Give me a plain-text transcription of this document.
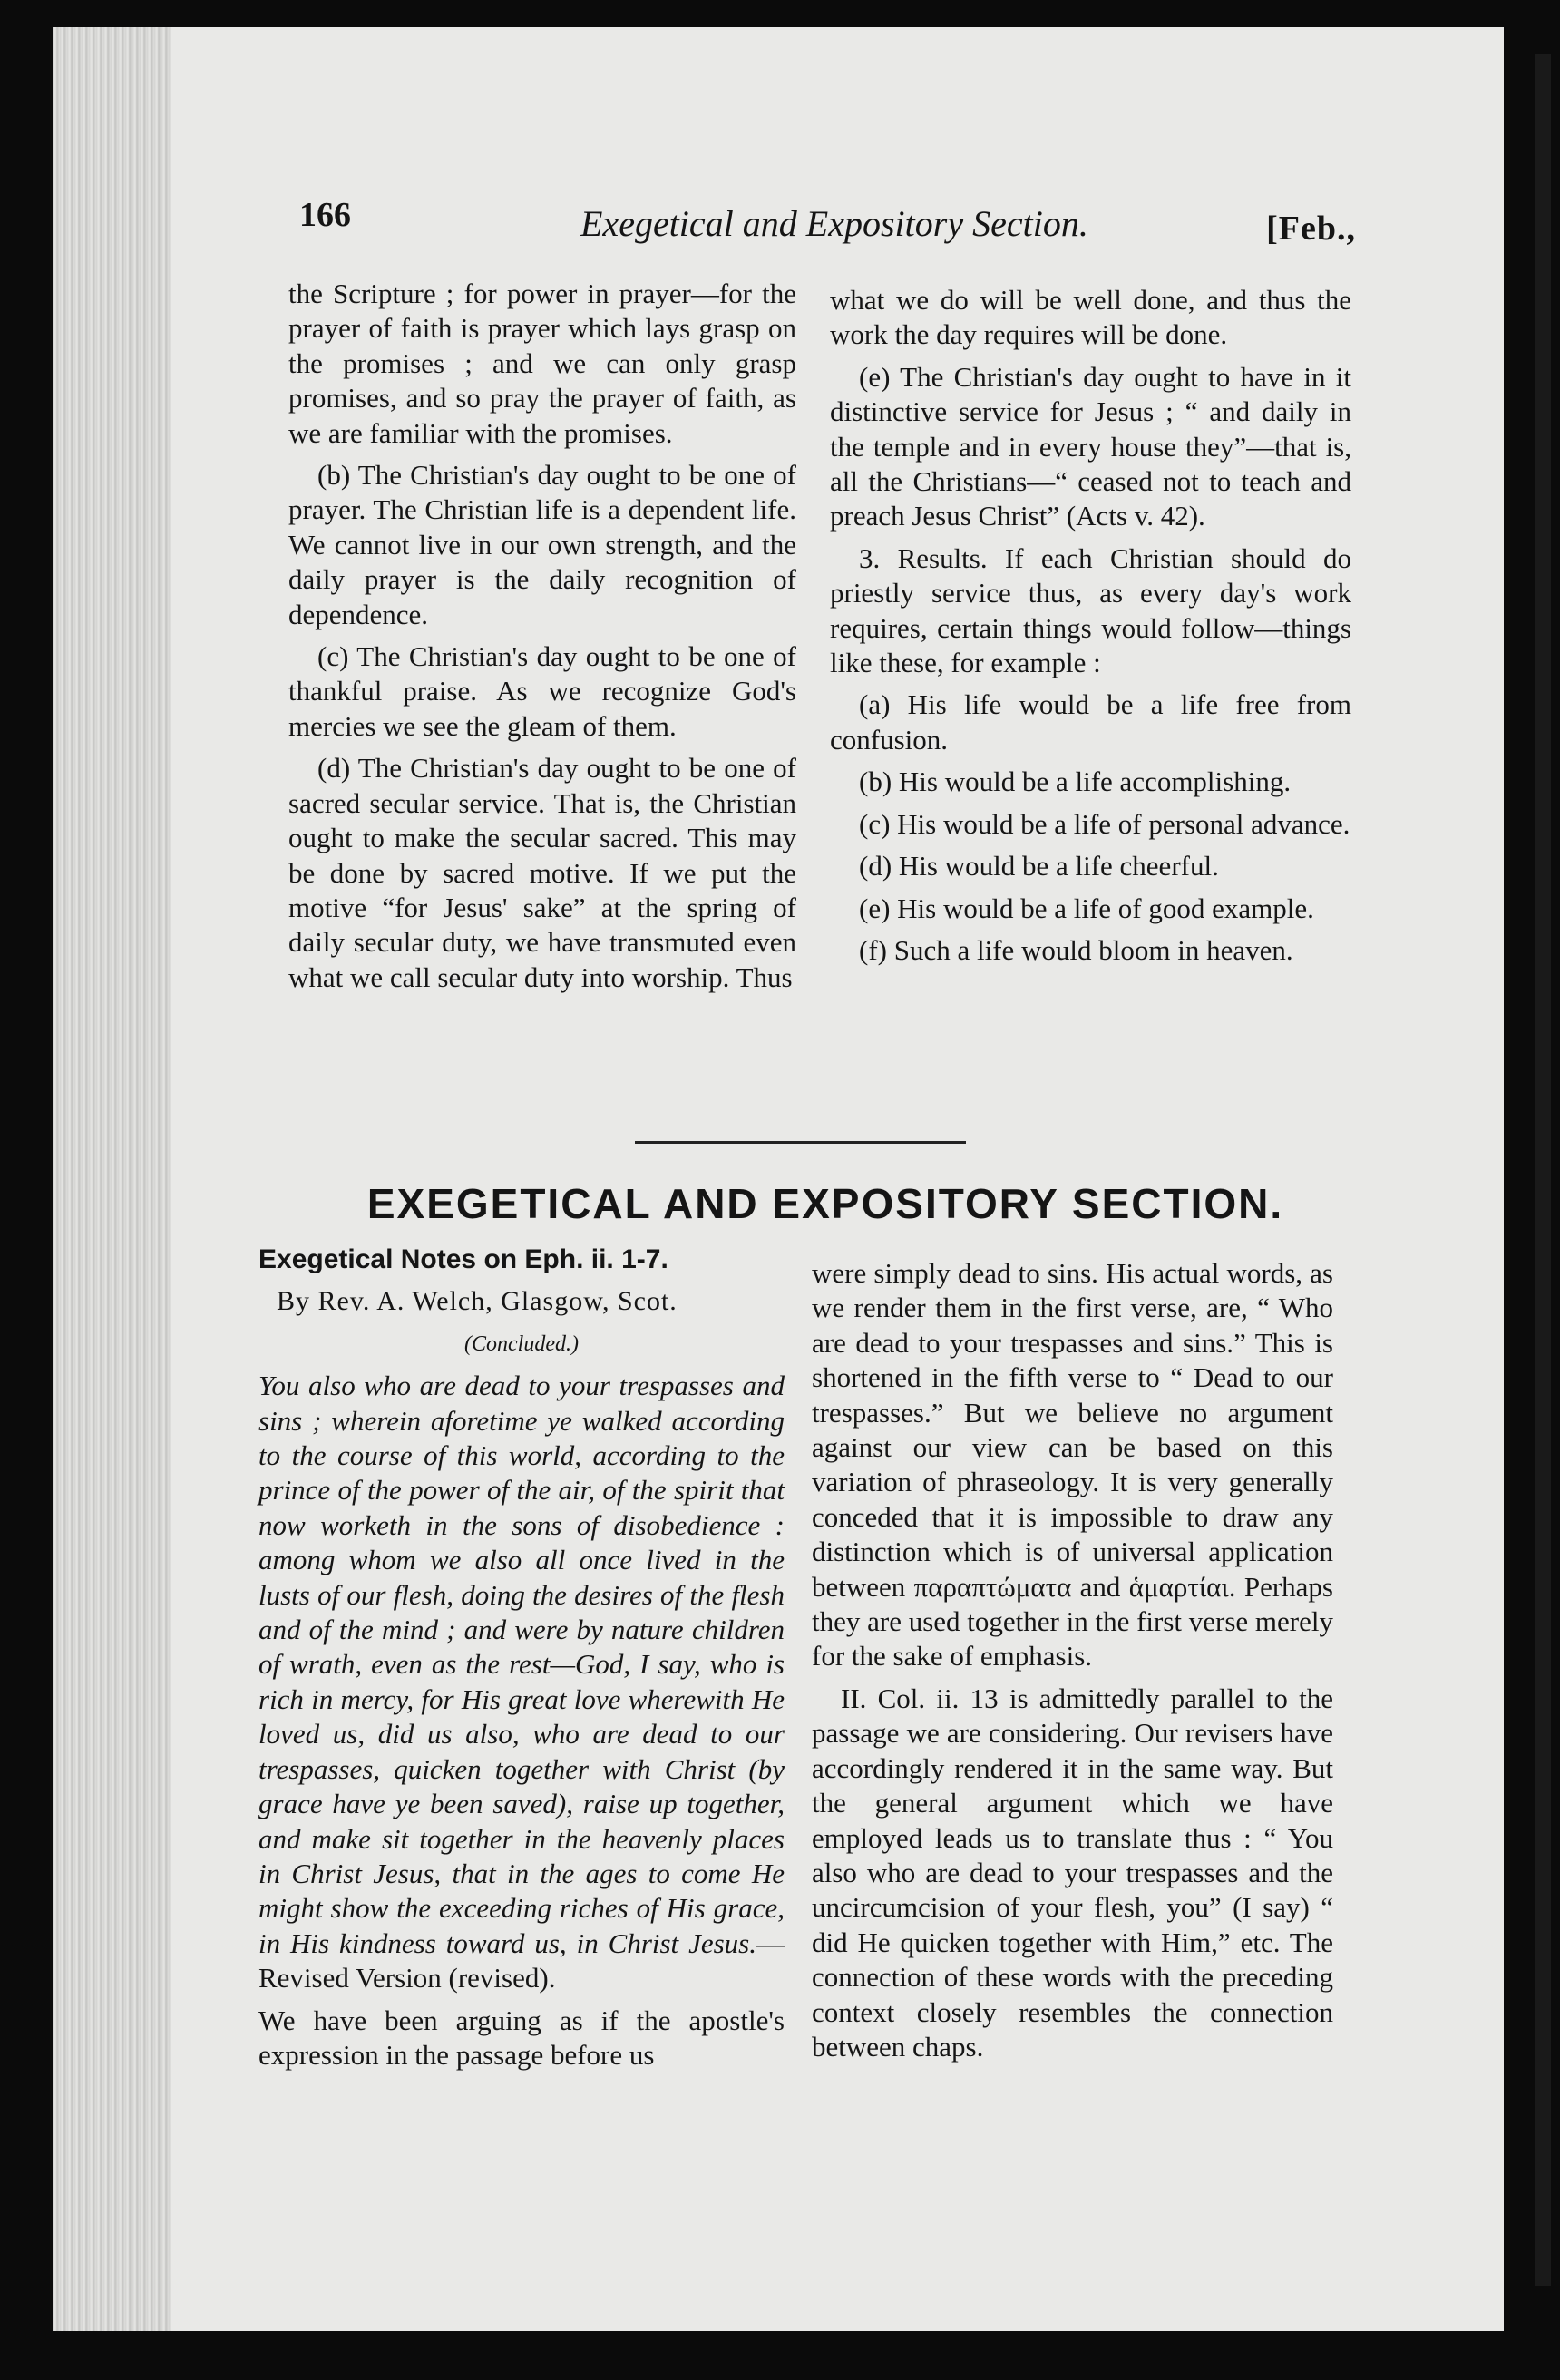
166	Exegetical and Expository Section.	[Feb.,

the Scripture ; for power in prayer—for the prayer of faith is prayer which lays grasp on the promises ; and we can only grasp promises, and so pray the prayer of faith, as we are familiar with the promises.

(b) The Christian's day ought to be one of prayer. The Christian life is a dependent life. We cannot live in our own strength, and the daily prayer is the daily recognition of dependence.

(c) The Christian's day ought to be one of thankful praise. As we recognize God's mercies we see the gleam of them.

(d) The Christian's day ought to be one of sacred secular service. That is, the Christian ought to make the secular sacred. This may be done by sacred motive. If we put the motive “for Jesus' sake” at the spring of daily secular duty, we have transmuted even what we call secular duty into worship. Thus

what we do will be well done, and thus the work the day requires will be done.

(e) The Christian's day ought to have in it distinctive service for Jesus ; “ and daily in the temple and in every house they”—that is, all the Christians—“ ceased not to teach and preach Jesus Christ” (Acts v. 42).

3. Results. If each Christian should do priestly service thus, as every day's work requires, certain things would follow—things like these, for example :

(a) His life would be a life free from confusion.

(b) His would be a life accomplishing.

(c) His would be a life of personal advance.

(d) His would be a life cheerful.

(e) His would be a life of good example.

(f) Such a life would bloom in heaven.

EXEGETICAL AND EXPOSITORY SECTION.

Exegetical Notes on Eph. ii. 1-7.

By Rev. A. Welch, Glasgow, Scot.

(Concluded.)

You also who are dead to your trespasses and sins ; wherein aforetime ye walked according to the course of this world, according to the prince of the power of the air, of the spirit that now worketh in the sons of disobedience : among whom we also all once lived in the lusts of our flesh, doing the desires of the flesh and of the mind ; and were by nature children of wrath, even as the rest—God, I say, who is rich in mercy, for His great love wherewith He loved us, did us also, who are dead to our trespasses, quicken together with Christ (by grace have ye been saved), raise up together, and make sit together in the heavenly places in Christ Jesus, that in the ages to come He might show the exceeding riches of His grace, in His kindness toward us, in Christ Jesus.—Revised Version (revised).

We have been arguing as if the apostle's expression in the passage before us

were simply dead to sins. His actual words, as we render them in the first verse, are, “ Who are dead to your trespasses and sins.” This is shortened in the fifth verse to “ Dead to our trespasses.” But we believe no argument against our view can be based on this variation of phraseology. It is very generally conceded that it is impossible to draw any distinction which is of universal application between παραπτώματα and ἁμαρτίαι. Perhaps they are used together in the first verse merely for the sake of emphasis.

II. Col. ii. 13 is admittedly parallel to the passage we are considering. Our revisers have accordingly rendered it in the same way. But the general argument which we have employed leads us to translate thus : “ You also who are dead to your trespasses and the uncircumcision of your flesh, you” (I say) “ did He quicken together with Him,” etc. The connection of these words with the preceding context closely resembles the connection between chaps.
